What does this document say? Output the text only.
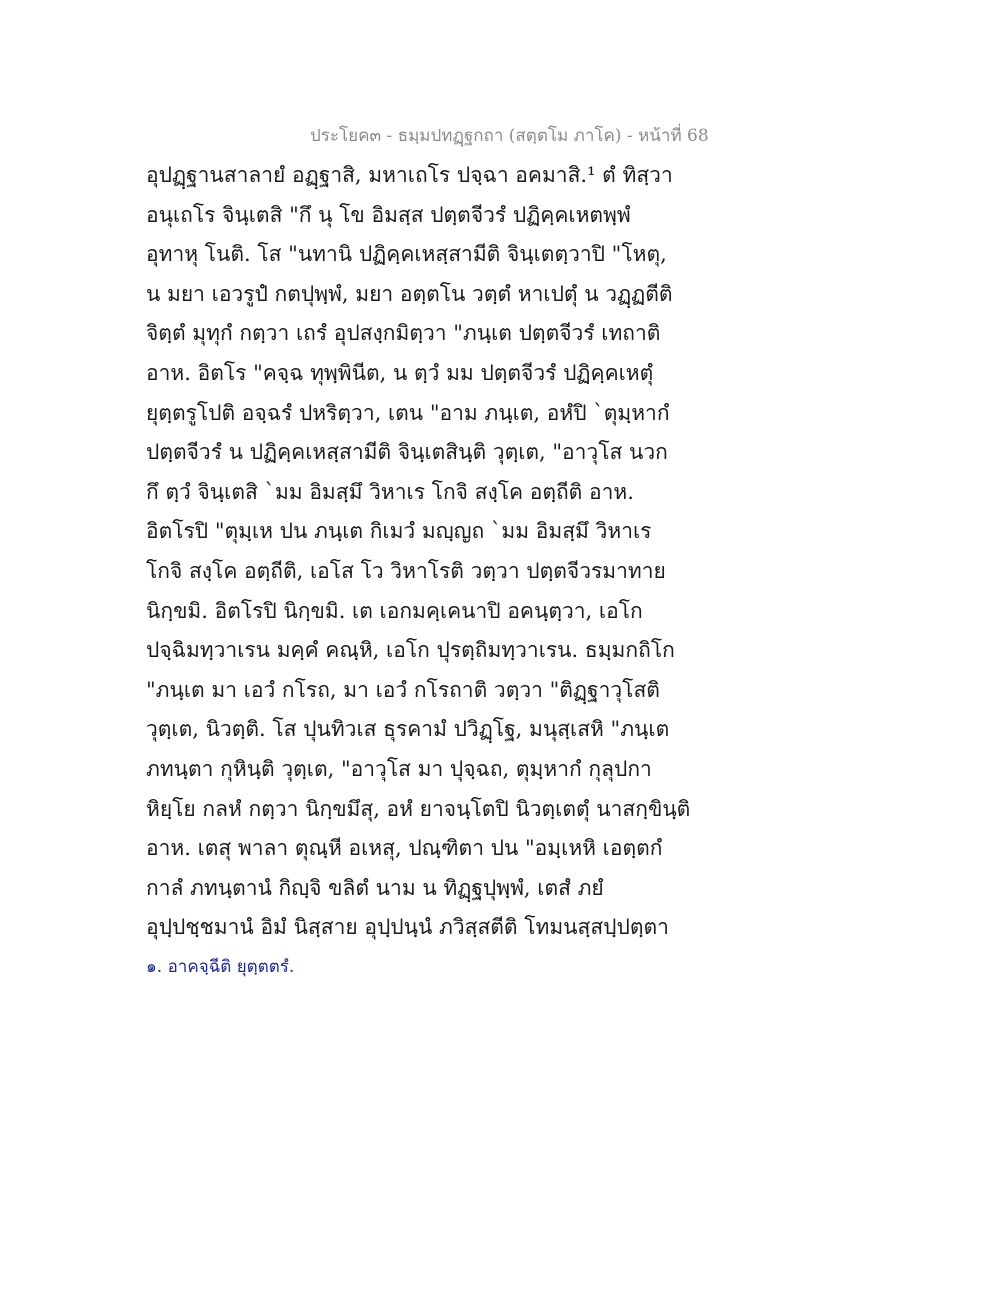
ประโยค๓ - ธมฺมปทฏฺฐกถา (สตฺตโม ภาโค) - หน้าที่ 68
อุปฏฺฐานสาลายํ อฏฺฐาสิ, มหาเถโร ปจฺฉา อคมาสิ.¹ ตํ ทิสฺวา
อนุเถโร จินฺเตสิ "กึ นุ โข อิมสฺส ปตฺตจีวรํ ปฏิคฺคเหตพฺพํ
อุทาหุ โนติ. โส "นทานิ ปฏิคฺคเหสฺสามีติ จินฺเตตฺวาปิ "โหตุ,
น มยา เอวรูปํ กตปุพฺพํ, มยา อตฺตโน วตฺตํ หาเปตุํ น วฏฺฏตีติ
จิตฺตํ มุทุกํ กตฺวา เถรํ อุปสงฺกมิตฺวา "ภนฺเต ปตฺตจีวรํ เทถาติ
อาห. อิตโร "คจฺฉ ทุพฺพินีต, น ตฺวํ มม ปตฺตจีวรํ ปฏิคฺคเหตุํ
ยุตฺตรูโปติ อจฺฉรํ ปหริตฺวา, เตน "อาม ภนฺเต, อหํปิ `ตุมฺหากํ
ปตฺตจีวรํ น ปฏิคฺคเหสฺสามีติ จินฺเตสินฺติ วุตฺเต, "อาวุโส นวก
กึ ตฺวํ จินฺเตสิ `มม อิมสฺมึ วิหาเร โกจิ สงฺโค อตฺถีติ อาห.
อิตโรปิ "ตุมฺเห ปน ภนฺเต กิเมวํ มญฺญถ `มม อิมสฺมึ วิหาเร
โกจิ สงฺโค อตฺถีติ, เอโส โว วิหาโรติ วตฺวา ปตฺตจีวรมาทาย
นิกฺขมิ. อิตโรปิ นิกฺขมิ. เต เอกมคฺเคนาปิ อคนฺตฺวา, เอโก
ปจฺฉิมทฺวาเรน มคฺคํ คณฺหิ, เอโก ปุรตฺถิมทฺวาเรน. ธมฺมกถิโก
"ภนฺเต มา เอวํ กโรถ, มา เอวํ กโรถาติ วตฺวา "ติฏฺฐาวุโสติ
วุตฺเต, นิวตฺติ. โส ปุนทิวเส ธุรคามํ ปวิฏฺโฐ, มนุสฺเสหิ "ภนฺเต
ภทนฺตา กุหินฺติ วุตฺเต, "อาวุโส มา ปุจฺฉถ, ตุมฺหากํ กุลุปกา
หิยฺโย กลหํ กตฺวา นิกฺขมึสุ, อหํ ยาจนฺโตปิ นิวตฺเตตุํ นาสกฺขินฺติ
อาห. เตสุ พาลา ตุณฺหี อเหสุ, ปณฺฑิตา ปน "อมฺเหหิ เอตฺตกํ
กาลํ ภทนฺตานํ กิญฺจิ ขลิตํ นาม น ทิฏฺฐปุพฺพํ, เตสํ ภยํ
อุปฺปชฺชมานํ อิมํ นิสฺสาย อุปฺปนฺนํ ภวิสฺสตีติ โทมนสฺสปฺปตฺตา
๑. อาคจฺฉีติ ยุตฺตตรํ.
